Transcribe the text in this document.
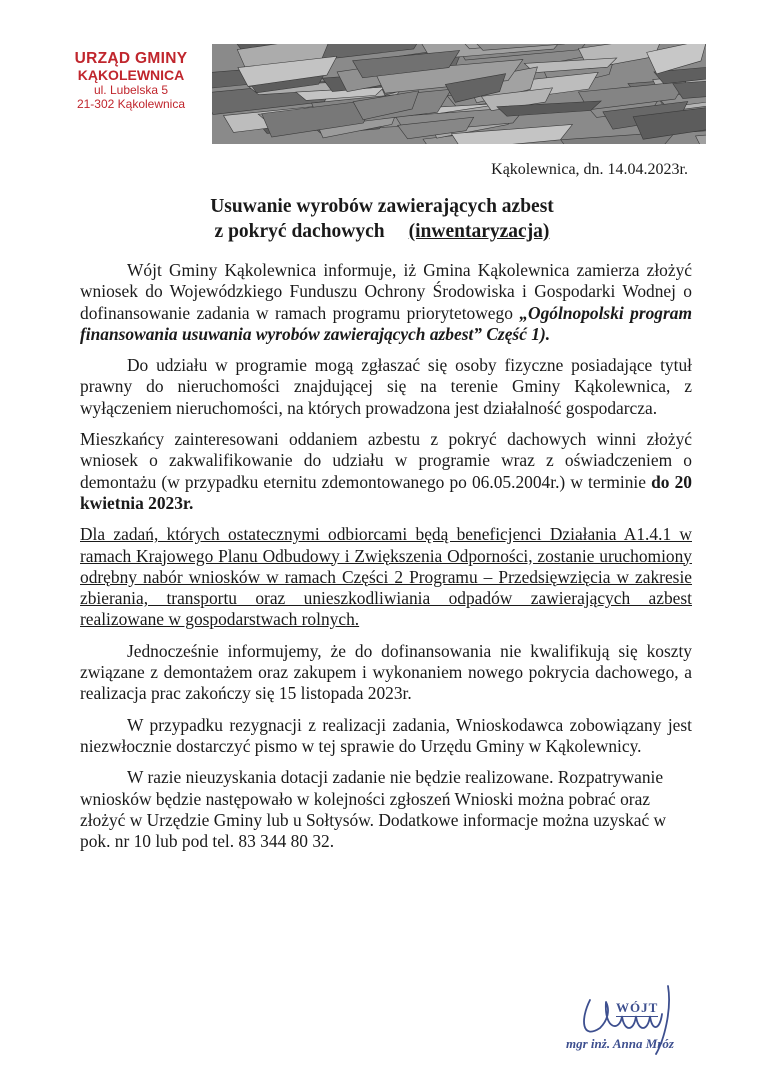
URZĄD GMINY
KĄKOLEWNICA
ul. Lubelska 5
21-302 Kąkolewnica
Kąkolewnica, dn. 14.04.2023r.
Usuwanie wyrobów zawierających azbest
z pokryć dachowych (inwentaryzacja)

Wójt Gminy Kąkolewnica informuje, iż Gmina Kąkolewnica zamierza złożyć wniosek do Wojewódzkiego Funduszu Ochrony Środowiska i Gospodarki Wodnej o dofinansowanie zadania w ramach programu priorytetowego „Ogólnopolski program finansowania usuwania wyrobów zawierających azbest” Część 1).

Do udziału w programie mogą zgłaszać się osoby fizyczne posiadające tytuł prawny do nieruchomości znajdującej się na terenie Gminy Kąkolewnica, z wyłączeniem nieruchomości, na których prowadzona jest działalność gospodarcza.

Mieszkańcy zainteresowani oddaniem azbestu z pokryć dachowych winni złożyć wniosek o zakwalifikowanie do udziału w programie wraz z oświadczeniem o demontażu (w przypadku eternitu zdemontowanego po 06.05.2004r.) w terminie do 20 kwietnia 2023r.

Dla zadań, których ostatecznymi odbiorcami będą beneficjenci Działania A1.4.1 w ramach Krajowego Planu Odbudowy i Zwiększenia Odporności, zostanie uruchomiony odrębny nabór wniosków w ramach Części 2 Programu – Przedsięwzięcia w zakresie zbierania, transportu oraz unieszkodliwiania odpadów zawierających azbest realizowane w gospodarstwach rolnych.

Jednocześnie informujemy, że do dofinansowania nie kwalifikują się koszty związane z demontażem oraz zakupem i wykonaniem nowego pokrycia dachowego, a realizacja prac zakończy się 15 listopada 2023r.

W przypadku rezygnacji z realizacji zadania, Wnioskodawca zobowiązany jest niezwłocznie dostarczyć pismo w tej sprawie do Urzędu Gminy w Kąkolewnicy.

W razie nieuzyskania dotacji zadanie nie będzie realizowane. Rozpatrywanie wniosków będzie następowało w kolejności zgłoszeń Wnioski można pobrać oraz złożyć w Urzędzie Gminy lub u Sołtysów. Dodatkowe informacje można uzyskać w pok. nr 10 lub pod tel. 83 344 80 32.

WÓJT
mgr inż. Anna Mróz
